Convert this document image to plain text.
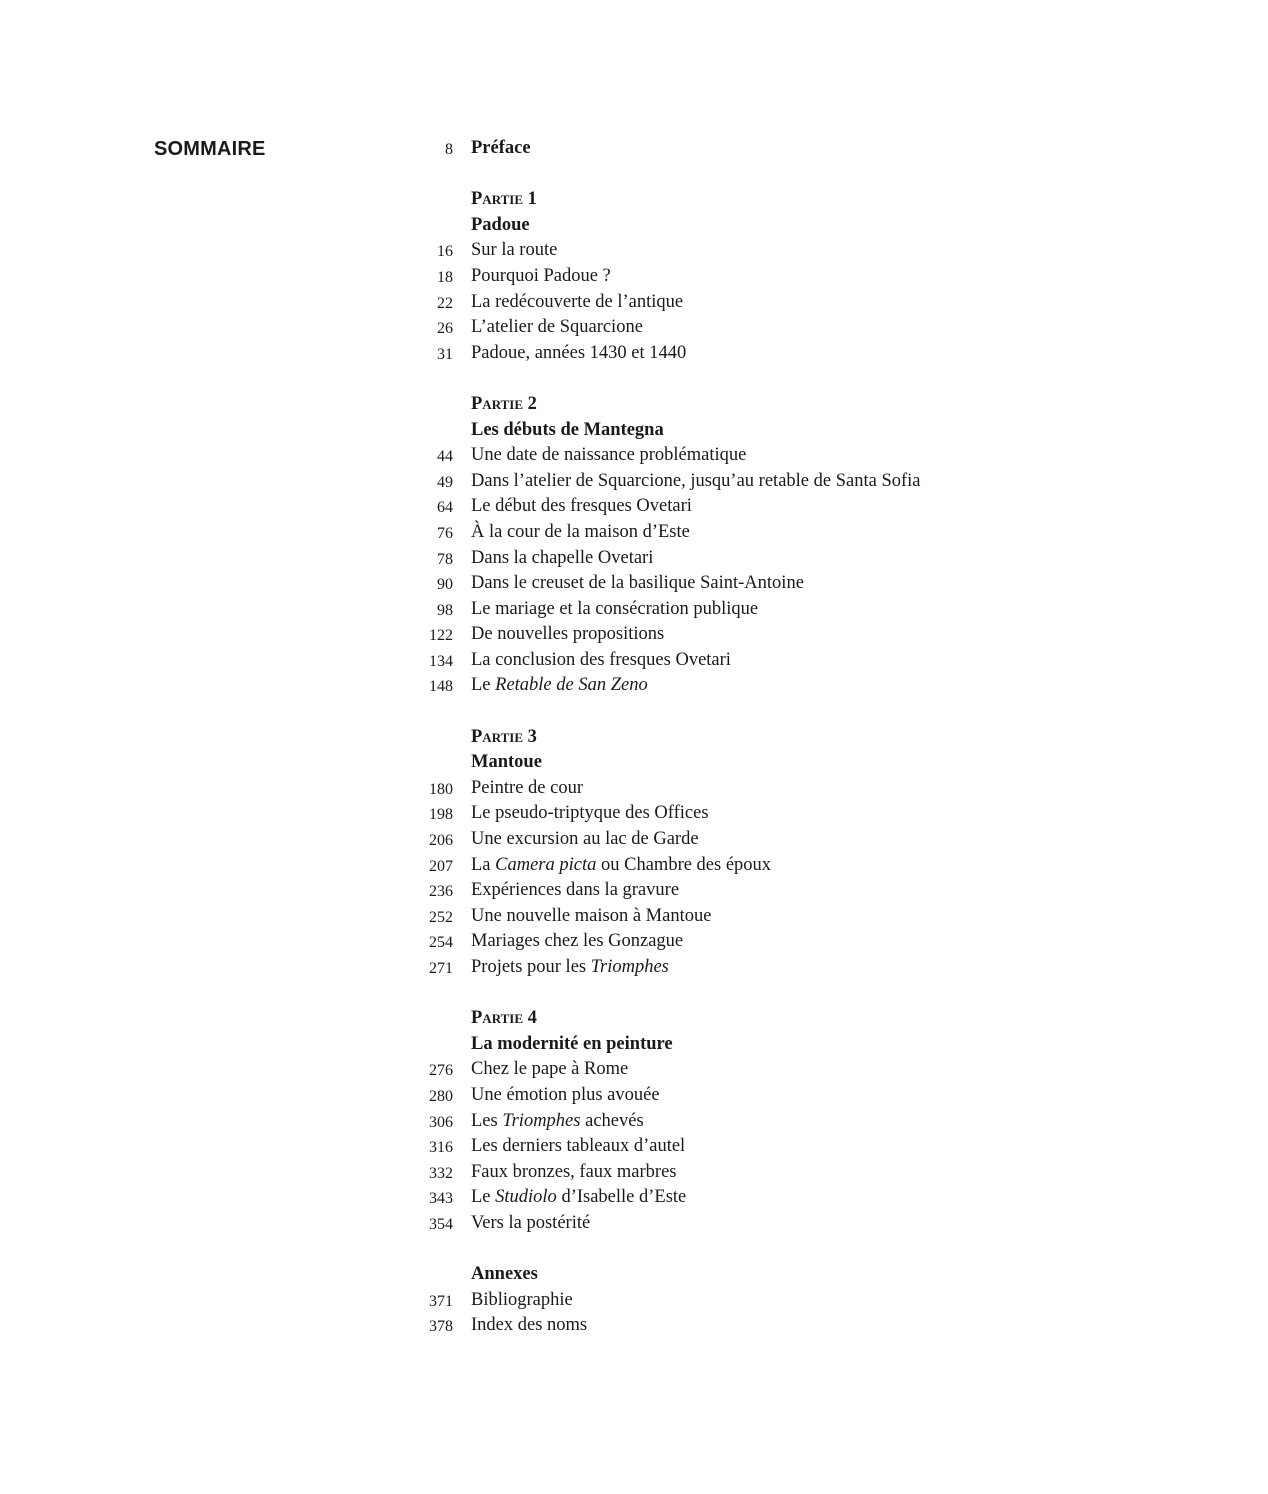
SOMMAIRE	8 Préface
Partie 1
Padoue
16 Sur la route
18 Pourquoi Padoue ?
22 La redécouverte de l’antique
26 L’atelier de Squarcione
31 Padoue, années 1430 et 1440
Partie 2
Les débuts de Mantegna
44 Une date de naissance problématique
49 Dans l’atelier de Squarcione, jusqu’au retable de Santa Sofia
64 Le début des fresques Ovetari
76 À la cour de la maison d’Este
78 Dans la chapelle Ovetari
90 Dans le creuset de la basilique Saint-Antoine
98 Le mariage et la consécration publique
122 De nouvelles propositions
134 La conclusion des fresques Ovetari
148 Le Retable de San Zeno
Partie 3
Mantoue
180 Peintre de cour
198 Le pseudo-triptyque des Offices
206 Une excursion au lac de Garde
207 La Camera picta ou Chambre des époux
236 Expériences dans la gravure
252 Une nouvelle maison à Mantoue
254 Mariages chez les Gonzague
271 Projets pour les Triomphes
Partie 4
La modernité en peinture
276 Chez le pape à Rome
280 Une émotion plus avouée
306 Les Triomphes achevés
316 Les derniers tableaux d’autel
332 Faux bronzes, faux marbres
343 Le Studiolo d’Isabelle d’Este
354 Vers la postérité
Annexes
371 Bibliographie
378 Index des noms
